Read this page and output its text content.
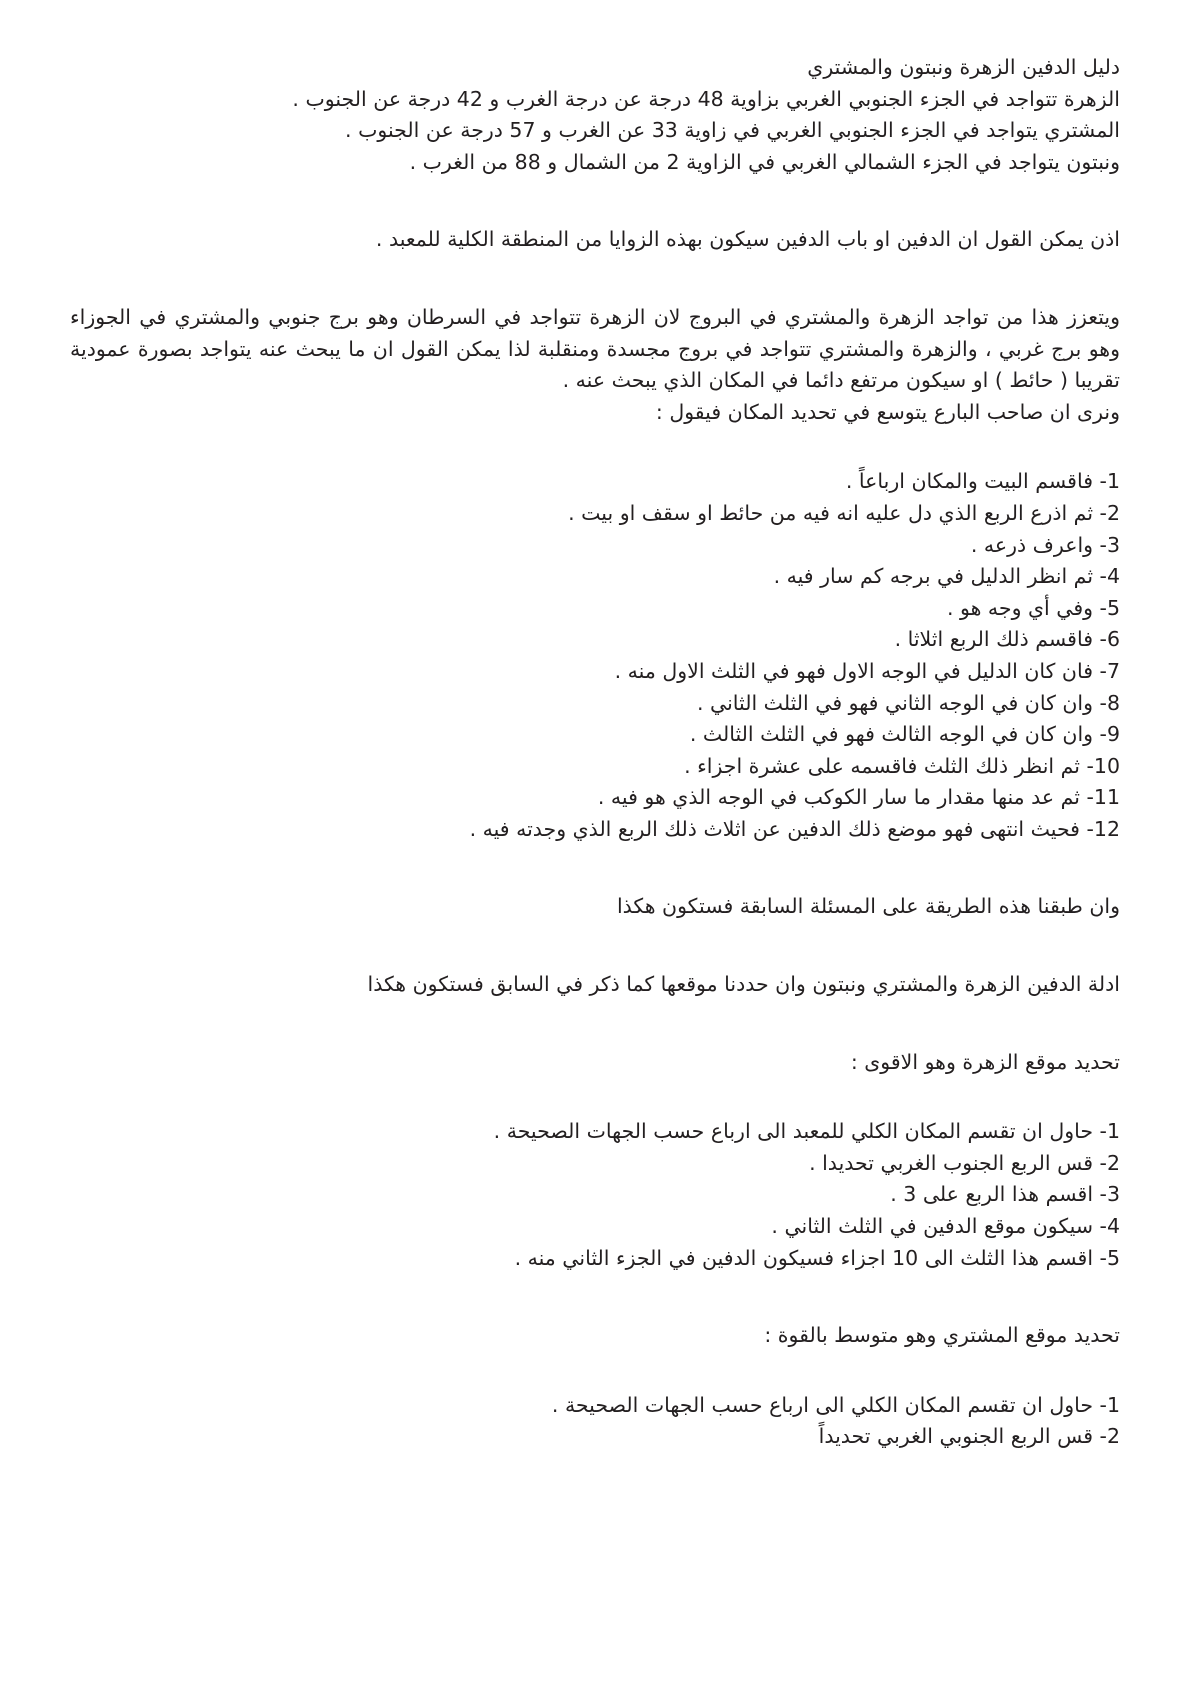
دليل الدفين الزهرة ونبتون والمشتري
الزهرة تتواجد في الجزء الجنوبي الغربي بزاوية 48 درجة عن درجة الغرب و 42 درجة عن الجنوب .
المشتري يتواجد في الجزء الجنوبي الغربي في زاوية 33 عن الغرب و 57 درجة عن الجنوب .
ونبتون يتواجد في الجزء الشمالي الغربي في الزاوية 2 من الشمال و 88 من الغرب .
اذن يمكن القول ان الدفين او باب الدفين سيكون بهذه الزوايا من المنطقة الكلية للمعبد .
ويتعزز هذا من تواجد الزهرة والمشتري في البروج لان الزهرة تتواجد في السرطان وهو برج جنوبي والمشتري في الجوزاء وهو برج غربي ، والزهرة والمشتري تتواجد في بروج مجسدة ومنقلبة لذا يمكن القول ان ما يبحث عنه يتواجد بصورة عمودية تقريبا ( حائط ) او سيكون مرتفع دائما في المكان الذي يبحث عنه .
ونرى ان صاحب البارع يتوسع في تحديد المكان فيقول :
1- فاقسم البيت والمكان ارباعاً .
2- ثم اذرع الربع الذي دل عليه انه فيه من حائط او سقف او بيت .
3- واعرف ذرعه .
4- ثم انظر الدليل في برجه كم سار فيه .
5- وفي أي وجه هو .
6- فاقسم ذلك الربع اثلاثا .
7- فان كان الدليل في الوجه الاول فهو في الثلث الاول منه .
8- وان كان في الوجه الثاني فهو في الثلث الثاني .
9- وان كان في الوجه الثالث فهو في الثلث الثالث .
10- ثم انظر ذلك الثلث فاقسمه على عشرة اجزاء .
11- ثم عد منها مقدار ما سار الكوكب في الوجه الذي هو فيه .
12- فحيث انتهى فهو موضع ذلك الدفين عن اثلاث ذلك الربع الذي وجدته فيه .
وان طبقنا هذه الطريقة على المسئلة السابقة فستكون هكذا
ادلة الدفين الزهرة والمشتري ونبتون وان حددنا موقعها كما ذكر في السابق فستكون هكذا
تحديد موقع الزهرة وهو الاقوى :
1- حاول ان تقسم المكان الكلي للمعبد الى ارباع حسب الجهات الصحيحة .
2- قس الربع الجنوب الغربي تحديدا .
3- اقسم هذا الربع على 3 .
4- سيكون موقع الدفين في الثلث الثاني .
5- اقسم هذا الثلث الى 10 اجزاء فسيكون الدفين في الجزء الثاني منه .
تحديد موقع المشتري وهو متوسط بالقوة :
1- حاول ان تقسم المكان الكلي الى ارباع حسب الجهات الصحيحة .
2- قس الربع الجنوبي الغربي تحديداً
